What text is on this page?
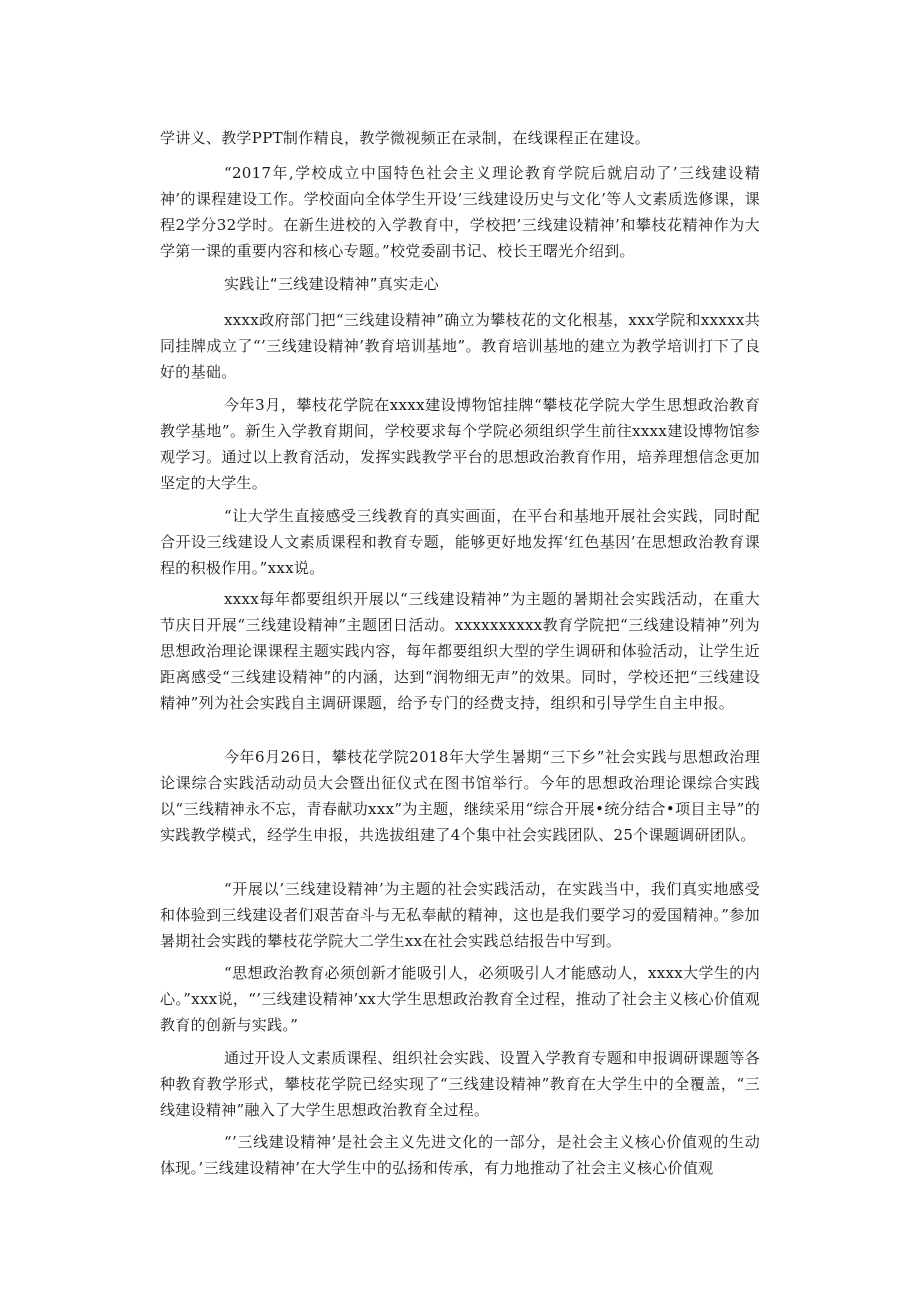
学讲义、教学PPT制作精良，教学微视频正在录制，在线课程正在建设。

“2017年,学校成立中国特色社会主义理论教育学院后就启动了’三线建设精神’的课程建设工作。学校面向全体学生开设’三线建设历史与文化’等人文素质选修课，课程2学分32学时。在新生进校的入学教育中，学校把’三线建设精神’和攀枝花精神作为大学第一课的重要内容和核心专题。”校党委副书记、校长王曙光介绍到。

实践让“三线建设精神”真实走心

xxxx政府部门把“三线建设精神”确立为攀枝花的文化根基，xxx学院和xxxxx共同挂牌成立了“’三线建设精神’教育培训基地”。教育培训基地的建立为教学培训打下了良好的基础。

今年3月，攀枝花学院在xxxx建设博物馆挂牌“攀枝花学院大学生思想政治教育教学基地”。新生入学教育期间，学校要求每个学院必须组织学生前往xxxx建设博物馆参观学习。通过以上教育活动，发挥实践教学平台的思想政治教育作用，培养理想信念更加坚定的大学生。

“让大学生直接感受三线教育的真实画面，在平台和基地开展社会实践，同时配合开设三线建设人文素质课程和教育专题，能够更好地发挥‘红色基因’在思想政治教育课程的积极作用。”xxx说。

xxxx每年都要组织开展以“三线建设精神”为主题的暑期社会实践活动，在重大节庆日开展“三线建设精神”主题团日活动。xxxxxxxxxx教育学院把“三线建设精神”列为思想政治理论课课程主题实践内容，每年都要组织大型的学生调研和体验活动，让学生近距离感受“三线建设精神”的内涵，达到“润物细无声”的效果。同时，学校还把“三线建设精神”列为社会实践自主调研课题，给予专门的经费支持，组织和引导学生自主申报。

今年6月26日，攀枝花学院2018年大学生暑期“三下乡”社会实践与思想政治理论课综合实践活动动员大会暨出征仪式在图书馆举行。今年的思想政治理论课综合实践以“三线精神永不忘，青春献功xxx”为主题，继续采用“综合开展•统分结合•项目主导”的实践教学模式，经学生申报，共选拔组建了4个集中社会实践团队、25个课题调研团队。

“开展以’三线建设精神’为主题的社会实践活动，在实践当中，我们真实地感受和体验到三线建设者们艰苦奋斗与无私奉献的精神，这也是我们要学习的爱国精神。”参加暑期社会实践的攀枝花学院大二学生xx在社会实践总结报告中写到。

“思想政治教育必须创新才能吸引人，必须吸引人才能感动人，xxxx大学生的内心。”xxx说，“’三线建设精神’xx大学生思想政治教育全过程，推动了社会主义核心价值观教育的创新与实践。”

通过开设人文素质课程、组织社会实践、设置入学教育专题和申报调研课题等各种教育教学形式，攀枝花学院已经实现了“三线建设精神”教育在大学生中的全覆盖，“三线建设精神”融入了大学生思想政治教育全过程。

“’三线建设精神’是社会主义先进文化的一部分，是社会主义核心价值观的生动体现。’三线建设精神’在大学生中的弘扬和传承，有力地推动了社会主义核心价值观
